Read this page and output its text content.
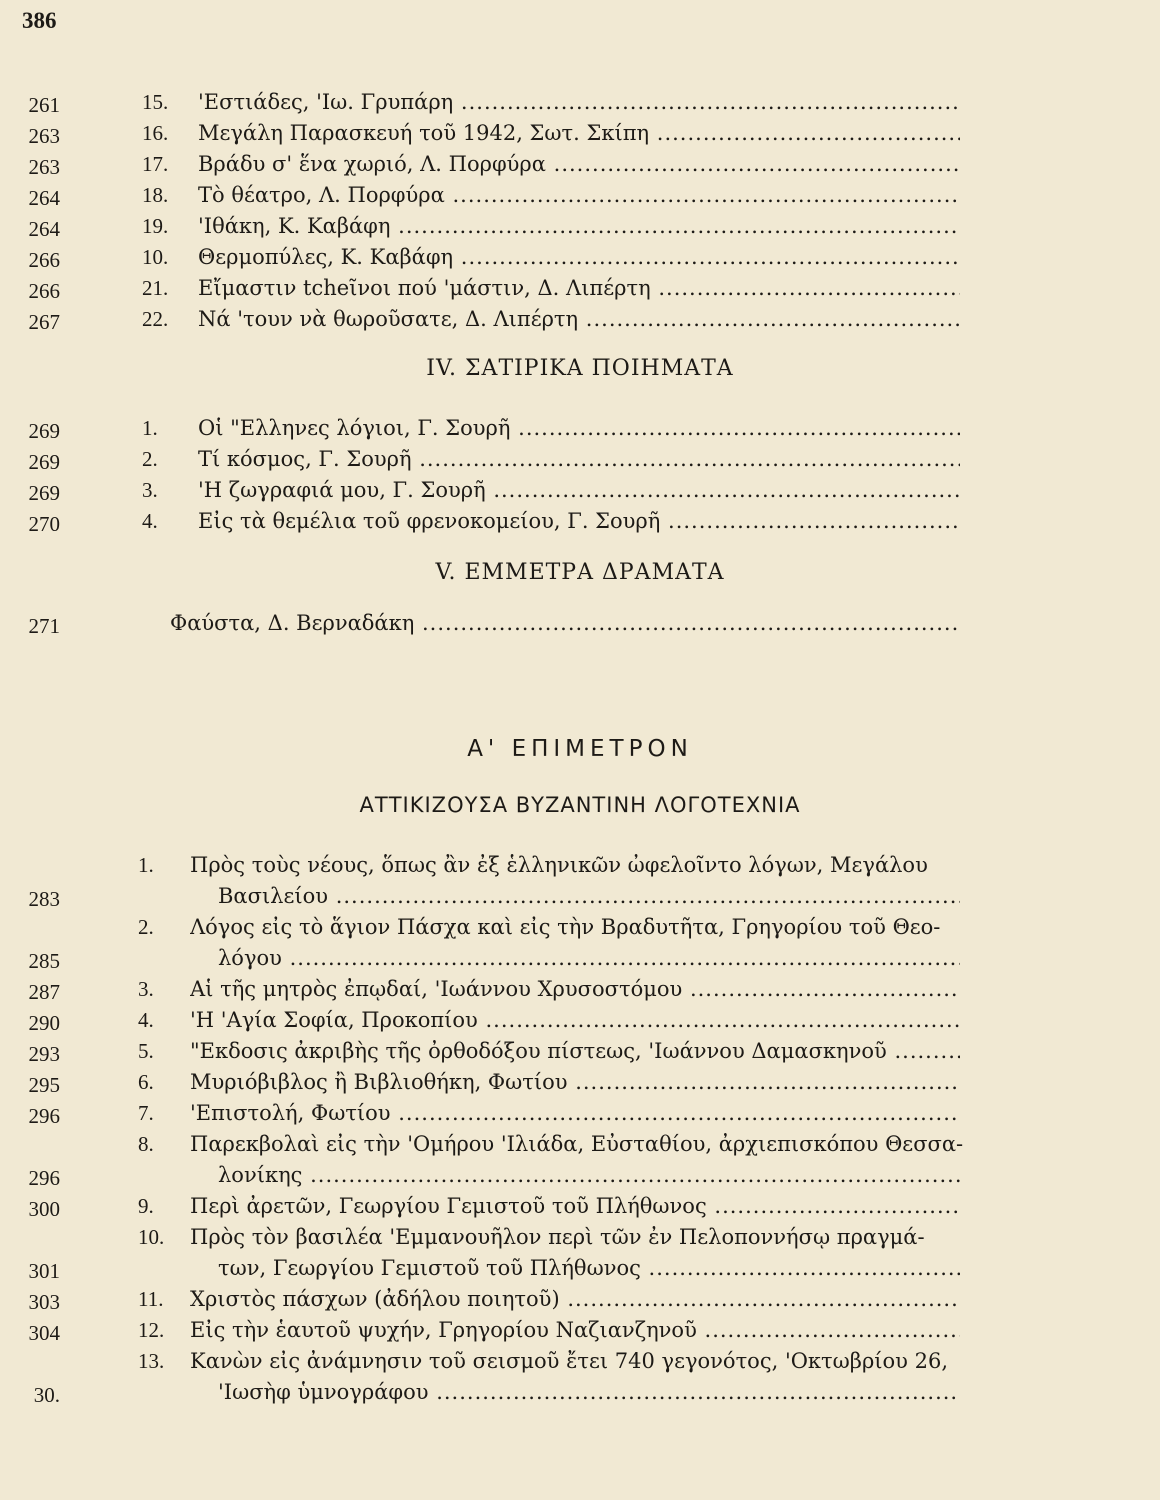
386
15.	'Εστιάδες, 'Ιω. Γρυπάρη .....
261
16.	Μεγάλη Παρασκευή τοῦ 1942, Σωτ. Σκίπη .....
263
17.	Βράδυ σ' ἕνα χωριό, Λ. Πορφύρα .....
263
18.	Τὸ θέατρο, Λ. Πορφύρα .....
264
19.	'Ιθάκη, Κ. Καβάφη .....
264
10.	Θερμοπύλες, Κ. Καβάφη .....
266
21.	Εἴμαστιν tcheῖνοι πού 'μάστιν, Δ. Λιπέρτη .....
266
22.	Νά 'τουν νὰ θωροῦσατε, Δ. Λιπέρτη .....
267
IV. ΣΑΤΙΡΙΚΑ ΠΟΙΗΜΑΤΑ
1.	Οἱ "Ελληνες λόγιοι, Γ. Σουρῆ .....
269
2.	Τί κόσμος, Γ. Σουρῆ .....
269
3.	'Η ζωγραφιά μου, Γ. Σουρῆ .....
269
4.	Εἰς τὰ θεμέλια τοῦ φρενοκομείου, Γ. Σουρῆ .....
270
V. ΕΜΜΕΤΡΑ ΔΡΑΜΑΤΑ
Φαύστα, Δ. Βερναδάκη .....
271
Α' ΕΠΙΜΕΤΡΟΝ
ΑΤΤΙΚΙΖΟΥΣΑ ΒΥΖΑΝΤΙΝΗ ΛΟΓΟΤΕΧΝΙΑ
1.	Πρὸς τοὺς νέους, ὅπως ἂν ἐξ ἑλληνικῶν ὠφελοῖντο λόγων, Μεγάλου
Βασιλείου .....
283
2.	Λόγος εἰς τὸ ἅγιον Πάσχα καὶ εἰς τὴν Βραδυτῆτα, Γρηγορίου τοῦ Θεο-
λόγου .....
285
3.	Αἱ τῆς μητρὸς ἐπῳδαί, 'Ιωάννου Χρυσοστόμου .....
287
4.	'Η 'Αγία Σοφία, Προκοπίου .....
290
5.	"Εκδοσις ἀκριβὴς τῆς ὀρθοδόξου πίστεως, 'Ιωάννου Δαμασκηνοῦ .....
293
6.	Μυριόβιβλος ἢ Βιβλιοθήκη, Φωτίου .....
295
7.	'Επιστολή, Φωτίου .....
296
8.	Παρεκβολαὶ εἰς τὴν 'Ομήρου 'Ιλιάδα, Εὐσταθίου, ἀρχιεπισκόπου Θεσσα-
λονίκης .....
296
9.	Περὶ ἀρετῶν, Γεωργίου Γεμιστοῦ τοῦ Πλήθωνος .....
300
10.	Πρὸς τὸν βασιλέα 'Εμμανουῆλον περὶ τῶν ἐν Πελοποννήσῳ πραγμά-
των, Γεωργίου Γεμιστοῦ τοῦ Πλήθωνος .....
301
11.	Χριστὸς πάσχων (ἀδήλου ποιητοῦ) .....
303
12.	Εἰς τὴν ἑαυτοῦ ψυχήν, Γρηγορίου Ναζιανζηνοῦ .....
304
13.	Κανὼν εἰς ἀνάμνησιν τοῦ σεισμοῦ ἔτει 740 γεγονότος, 'Οκτωβρίου 26,
'Ιωσὴφ ὑμνογράφου .....
30.
